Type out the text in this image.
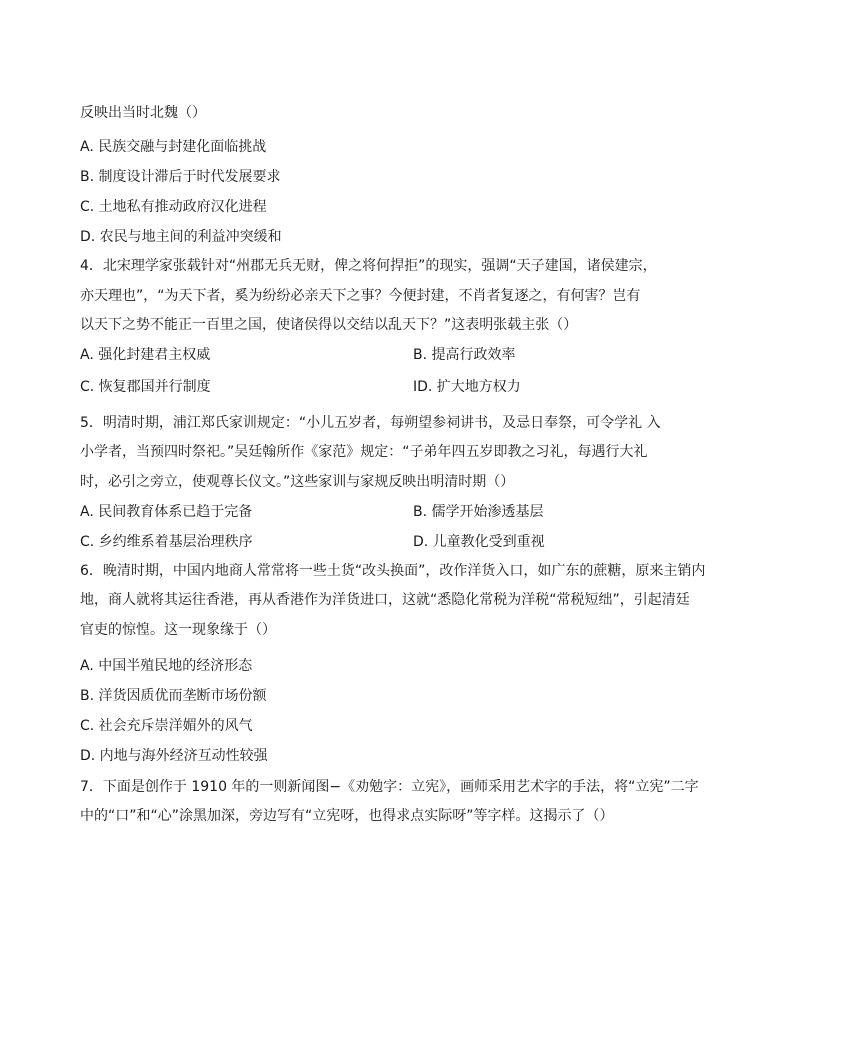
反映出当时北魏（）
A. 民族交融与封建化面临挑战
B. 制度设计滞后于时代发展要求
C. 土地私有推动政府汉化进程
D. 农民与地主间的利益冲突缓和
4．北宋理学家张载针对“州郡无兵无财，俾之将何捍拒”的现实，强调“天子建国，诸侯建宗，
亦天理也”，“为天下者，奚为纷纷必亲天下之事？今便封建，不肖者复逐之，有何害？岂有
以天下之势不能正一百里之国，使诸侯得以交结以乱天下？”这表明张载主张（）
A. 强化封建君主权威	B. 提高行政效率
C. 恢复郡国并行制度	ID. 扩大地方权力
5．明清时期，浦江郑氏家训规定：“小儿五岁者，每朔望参祠讲书，及忌日奉祭，可令学礼 入
小学者，当预四时祭祀。”吴廷翰所作《家范》规定：“子弟年四五岁即教之习礼，每遇行大礼
时，必引之旁立，使观尊长仪文。”这些家训与家规反映出明清时期（）
A. 民间教育体系已趋于完备	B. 儒学开始渗透基层
C. 乡约维系着基层治理秩序	D. 儿童教化受到重视
6．晚清时期，中国内地商人常常将一些土货“改头换面”，改作洋货入口，如广东的蔗糖，原来主销内
地，商人就将其运往香港，再从香港作为洋货进口，这就“悉隐化常税为洋税“常税短绌”，引起清廷
官吏的惊惶。这一现象缘于（）
A. 中国半殖民地的经济形态
B. 洋货因质优而垄断市场份额
C. 社会充斥崇洋媚外的风气
D. 内地与海外经济互动性较强
7．下面是创作于 1910 年的一则新闻图−《劝勉字：立宪》，画师采用艺术字的手法，将“立宪”二字
中的“口”和“心”涂黑加深，旁边写有“立宪呀，也得求点实际呀”等字样。这揭示了（）
